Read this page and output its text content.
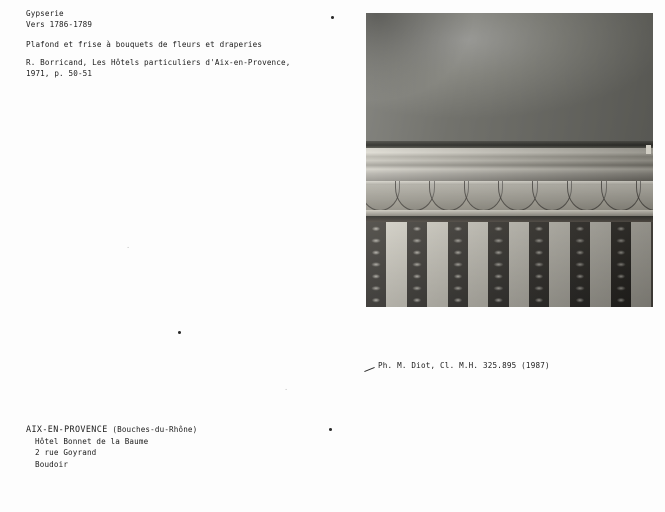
Gypserie
Vers 1786-1789
Plafond et frise à bouquets de fleurs et draperies
R. Borricand, Les Hôtels particuliers d'Aix-en-Provence,
1971, p. 50-51
Ph. M. Diot, Cl. M.H. 325.895 (1987)
AIX-EN-PROVENCE (Bouches-du-Rhône)
Hôtel Bonnet de la Baume
2 rue Goyrand
Boudoir
.
.
